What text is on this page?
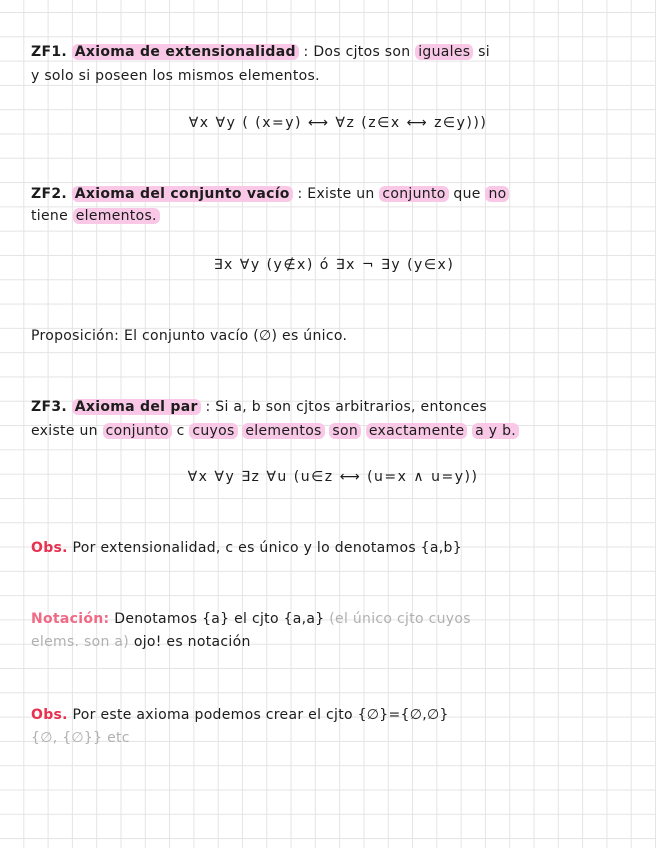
ZF1. Axioma de extensionalidad : Dos cjtos son iguales si
y solo si poseen los mismos elementos.
∀x ∀y ( (x=y) ⟷ ∀z (z∈x ⟷ z∈y)))
ZF2. Axioma del conjunto vacío : Existe un conjunto que no
tiene elementos.
∃x ∀y (y∉x) ó ∃x ¬ ∃y (y∈x)
Proposición: El conjunto vacío (∅) es único.
ZF3. Axioma del par : Si a, b son cjtos arbitrarios, entonces
existe un conjunto c cuyos elementos son exactamente a y b.
∀x ∀y ∃z ∀u (u∈z ⟷ (u=x ∧ u=y))
Obs. Por extensionalidad, c es único y lo denotamos {a,b}
Notación: Denotamos {a} el cjto {a,a} (el único cjto cuyos
elems. son a) ojo! es notación
Obs. Por este axioma podemos crear el cjto {∅}={∅,∅}
{∅, {∅}} etc
